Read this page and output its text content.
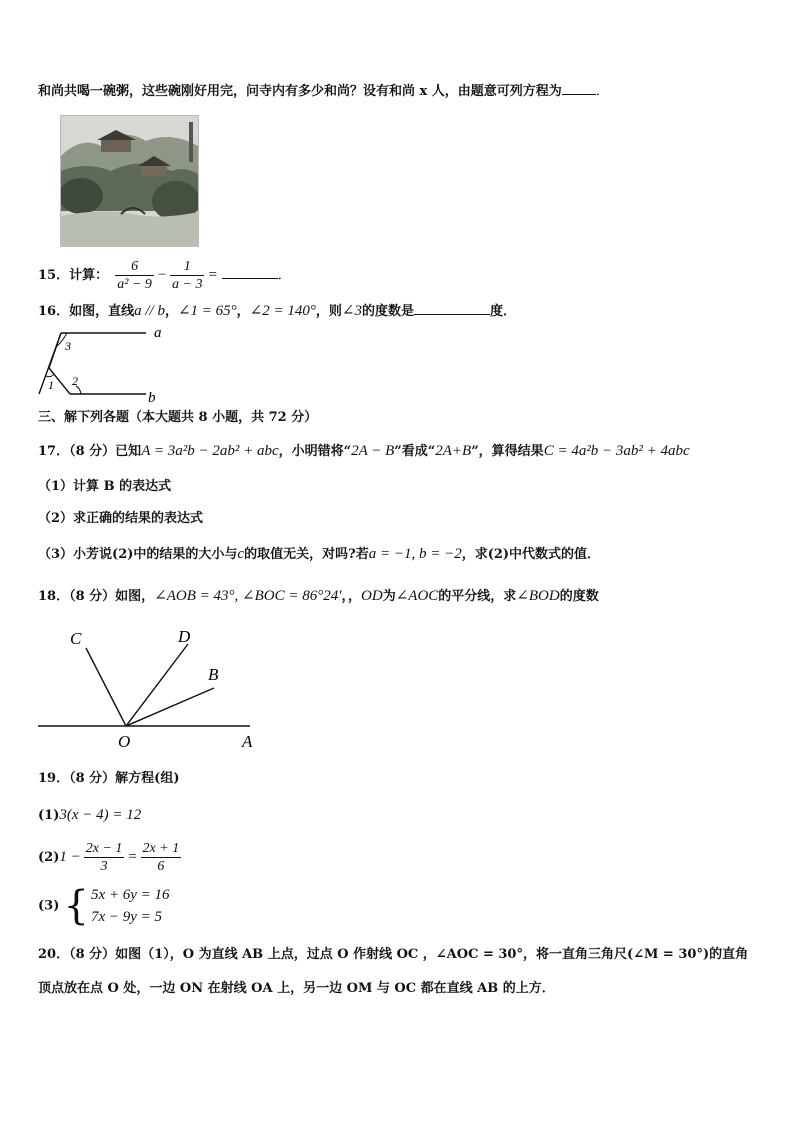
和尚共喝一碗粥，这些碗刚好用完，问寺内有多少和尚？设有和尚 x 人，由题意可列方程为	．
15．计算： $\frac{6}{\text{a² − 9}} - \frac{1}{a - 3}$ =	．
16．如图，直线a // b，∠1 = 65°，∠2 = 140°，则∠3的度数是	度．
a
b
3
1 2
三、解下列各题（本大题共 8 小题，共 72 分）
17．（8 分）已知A = 3a²b − 2ab² + abc，小明错将“2A − B”看成“2A+B”，算得结果C = 4a²b − 3ab² + 4abc
（1）计算 B 的表达式
（2）求正确的结果的表达式
（3）小芳说(2)中的结果的大小与c的取值无关，对吗?若a = −1, b = −2，求(2)中代数式的值．
18．（8 分）如图，∠AOB = 43°, ∠BOC = 86°24′，，OD为∠AOC的平分线，求∠BOD的度数
C	D
B
O	A
19．（8 分）解方程(组)
(1)3(x − 4) = 12
$(2)1 - \frac{2x - 1}{3} = \frac{2x + 1}{6}$
(3) { 5x + 6y = 16
7x − 9y = 5
20．（8 分）如图（1），O 为直线 AB 上点，过点 O 作射线 OC ，∠AOC = 30°，将一直角三角尺(∠M = 30°)的直角
顶点放在点 O 处，一边 ON 在射线 OA 上，另一边 OM 与 OC 都在直线 AB 的上方．
